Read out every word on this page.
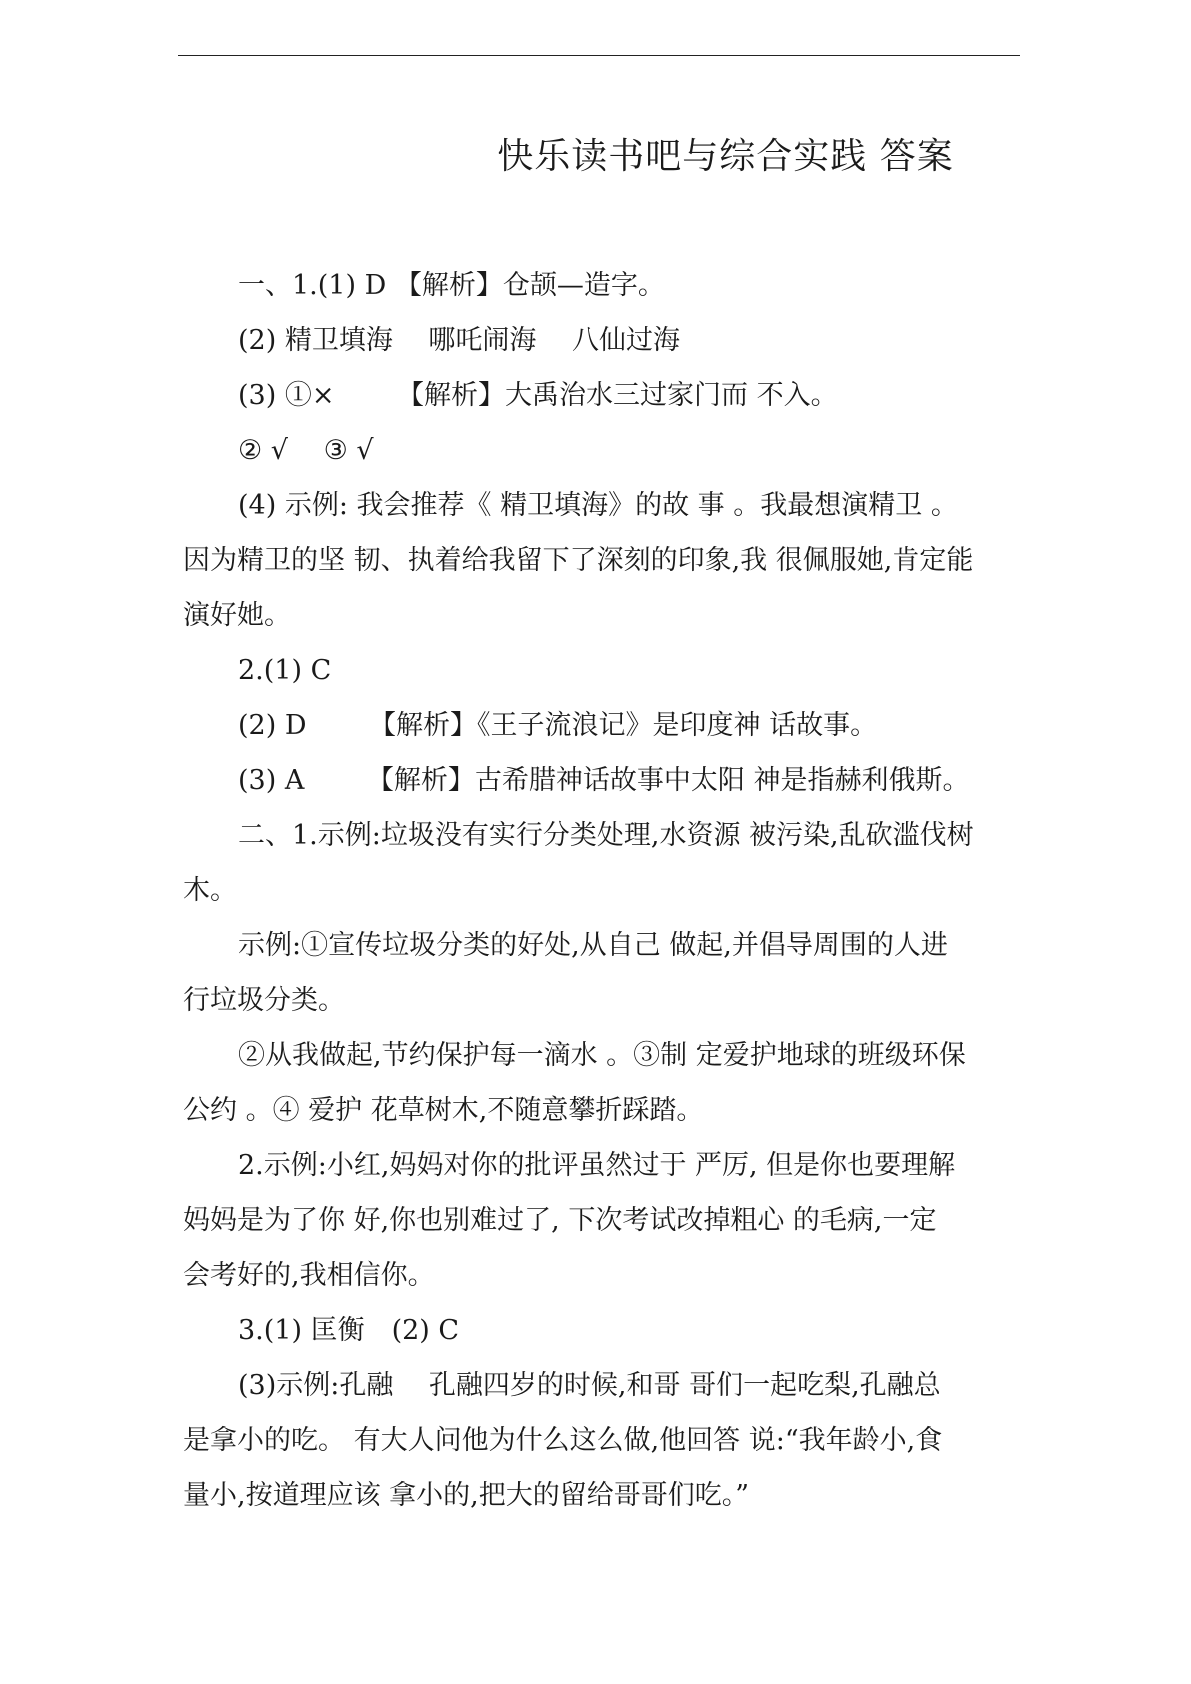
快乐读书吧与综合实践 答案
一、1.(1) D 【解析】仓颉—造字。
(2) 精卫填海　 哪吒闹海　 八仙过海
(3) ①×　　 【解析】大禹治水三过家门而 不入。
② √　 ③ √
(4) 示例: 我会推荐《 精卫填海》的故 事 。我最想演精卫 。
因为精卫的坚 韧、执着给我留下了深刻的印象,我 很佩服她,肯定能
演好她。
2.(1) C
(2) D　　 【解析】《王子流浪记》是印度神 话故事。
(3) A　　 【解析】古希腊神话故事中太阳 神是指赫利俄斯。
二、1.示例:垃圾没有实行分类处理,水资源 被污染,乱砍滥伐树
木。
示例:①宣传垃圾分类的好处,从自己 做起,并倡导周围的人进
行垃圾分类。
②从我做起,节约保护每一滴水 。③制 定爱护地球的班级环保
公约 。④ 爱护 花草树木,不随意攀折踩踏。
2.示例:小红,妈妈对你的批评虽然过于 严厉, 但是你也要理解
妈妈是为了你 好,你也别难过了, 下次考试改掉粗心 的毛病,一定
会考好的,我相信你。
3.(1) 匡衡　(2) C
(3)示例:孔融　 孔融四岁的时候,和哥 哥们一起吃梨,孔融总
是拿小的吃。 有大人问他为什么这么做,他回答 说:“我年龄小,食
量小,按道理应该 拿小的,把大的留给哥哥们吃。”
